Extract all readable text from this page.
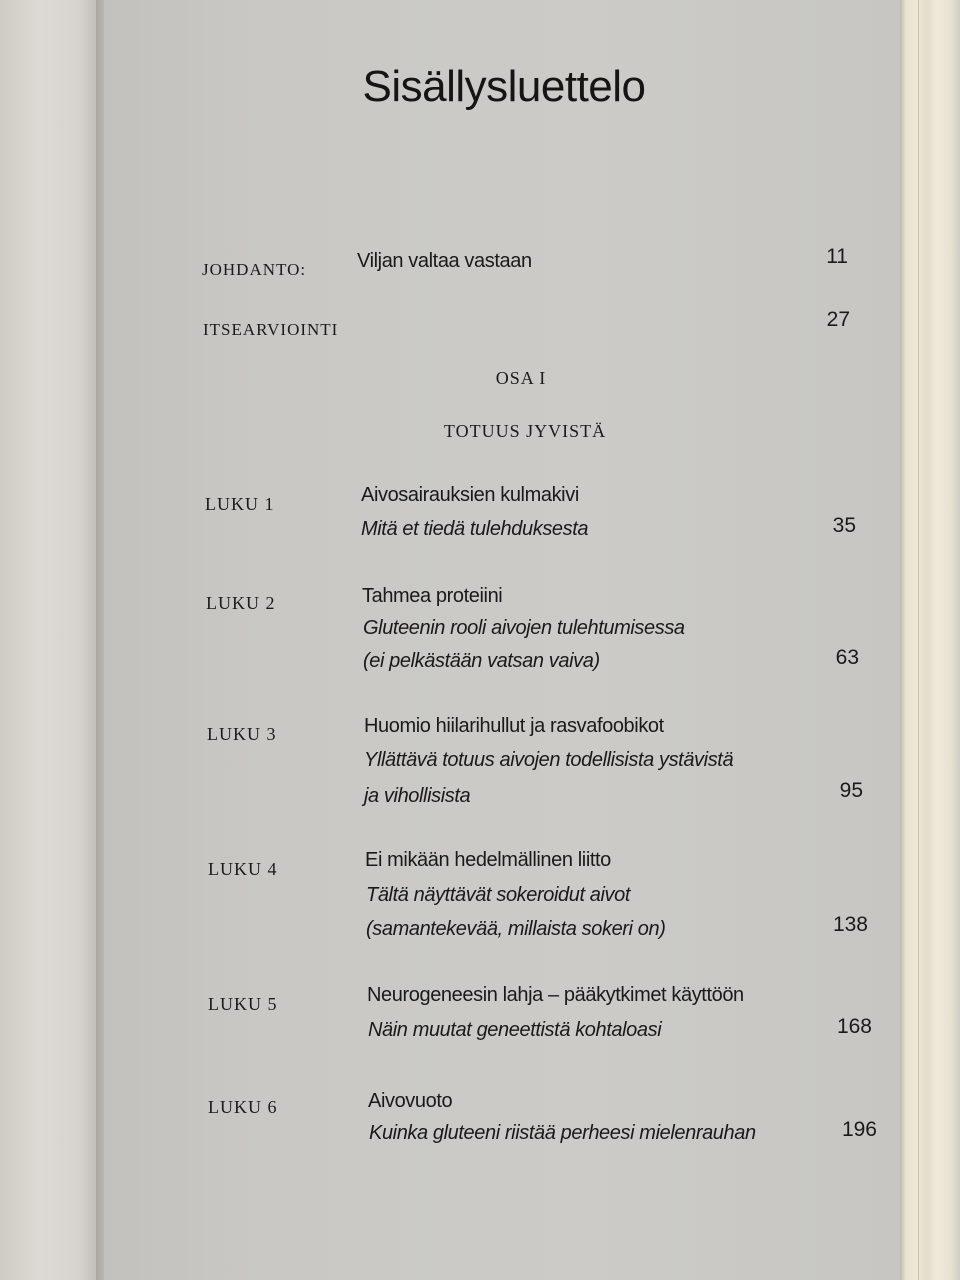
Sisällysluettelo
JOHDANTO:	Viljan valtaa vastaan	11
ITSEARVIOINTI	27
OSA I
TOTUUS JYVISTÄ
LUKU 1	Aivosairauksien kulmakivi
Mitä et tiedä tulehduksesta	35
LUKU 2	Tahmea proteiini
Gluteenin rooli aivojen tulehtumisessa
(ei pelkästään vatsan vaiva)	63
LUKU 3	Huomio hiilarihullut ja rasvafoobikot
Yllättävä totuus aivojen todellisista ystävistä
ja vihollisista	95
LUKU 4	Ei mikään hedelmällinen liitto
Tältä näyttävät sokeroidut aivot
(samantekevää, millaista sokeri on)	138
LUKU 5	Neurogeneesin lahja – pääkytkimet käyttöön
Näin muutat geneettistä kohtaloasi	168
LUKU 6	Aivovuoto
Kuinka gluteeni riistää perheesi mielenrauhan	196
